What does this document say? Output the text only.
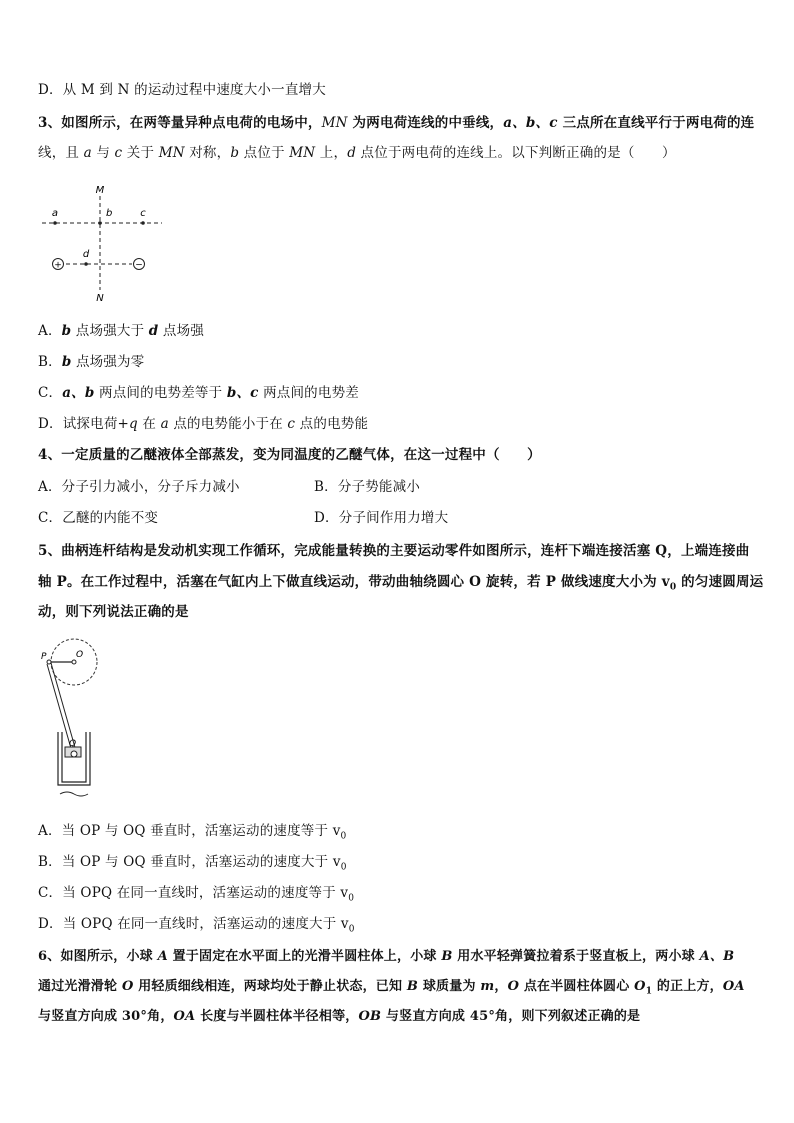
D．从 M 到 N 的运动过程中速度大小一直增大
3、如图所示，在两等量异种点电荷的电场中，MN 为两电荷连线的中垂线，a、b、c 三点所在直线平行于两电荷的连
线，且 a 与 c 关于 MN 对称，b 点位于 MN 上，d 点位于两电荷的连线上。以下判断正确的是（　　）
+	−
M
N
a	b	c
d
A．b 点场强大于 d 点场强
B．b 点场强为零
C．a、b 两点间的电势差等于 b、c 两点间的电势差
D．试探电荷+q 在 a 点的电势能小于在 c 点的电势能
4、一定质量的乙醚液体全部蒸发，变为同温度的乙醚气体，在这一过程中（　　）
A．分子引力减小，分子斥力减小	B．分子势能减小
C．乙醚的内能不变	D．分子间作用力增大
5、曲柄连杆结构是发动机实现工作循环，完成能量转换的主要运动零件如图所示，连杆下端连接活塞 Q，上端连接曲
轴 P。在工作过程中，活塞在气缸内上下做直线运动，带动曲轴绕圆心 O 旋转，若 P 做线速度大小为 $v_0$ 的匀速圆周运
动，则下列说法正确的是
P	O
Q
A．当 OP 与 OQ 垂直时，活塞运动的速度等于 $v_0$
B．当 OP 与 OQ 垂直时，活塞运动的速度大于 $v_0$
C．当 OPQ 在同一直线时，活塞运动的速度等于 $v_0$
D．当 OPQ 在同一直线时，活塞运动的速度大于 $v_0$
6、如图所示，小球 A 置于固定在水平面上的光滑半圆柱体上，小球 B 用水平轻弹簧拉着系于竖直板上，两小球 A、B
通过光滑滑轮 O 用轻质细线相连，两球均处于静止状态，已知 B 球质量为 m，O 点在半圆柱体圆心 $O_1$ 的正上方，OA
与竖直方向成 30°角，OA 长度与半圆柱体半径相等，OB 与竖直方向成 45°角，则下列叙述正确的是
